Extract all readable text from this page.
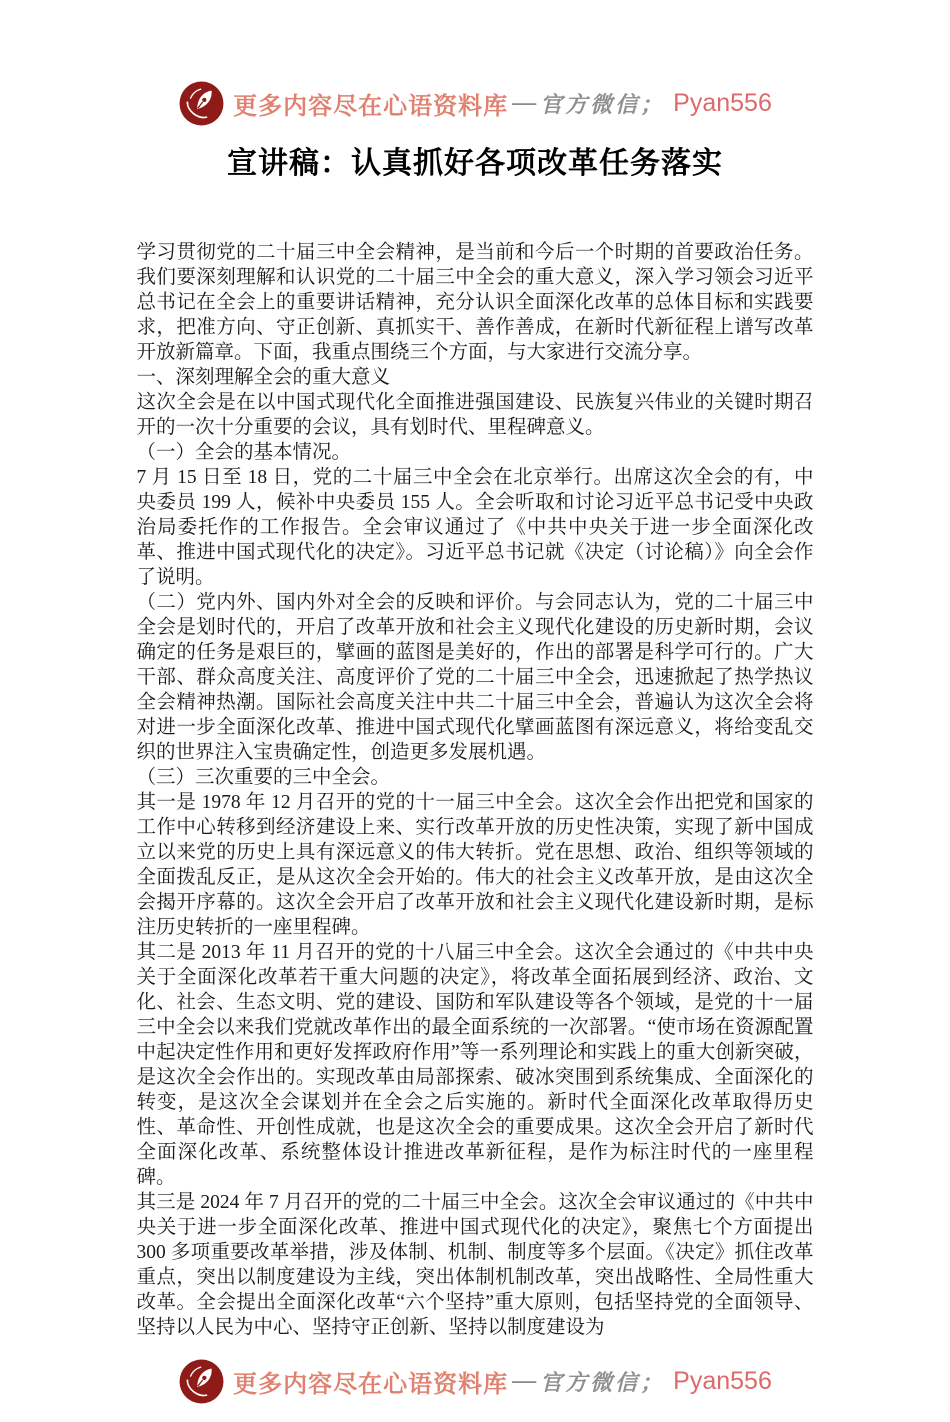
更多内容尽在心语资料库 — 官方微信； Pyan556
宣讲稿：认真抓好各项改革任务落实

学习贯彻党的二十届三中全会精神，是当前和今后一个时期的首要政治任务。我们要深刻理解和认识党的二十届三中全会的重大意义，深入学习领会习近平总书记在全会上的重要讲话精神，充分认识全面深化改革的总体目标和实践要求，把准方向、守正创新、真抓实干、善作善成，在新时代新征程上谱写改革开放新篇章。下面，我重点围绕三个方面，与大家进行交流分享。

一、深刻理解全会的重大意义

这次全会是在以中国式现代化全面推进强国建设、民族复兴伟业的关键时期召开的一次十分重要的会议，具有划时代、里程碑意义。

（一）全会的基本情况。

7 月 15 日至 18 日，党的二十届三中全会在北京举行。出席这次全会的有，中央委员 199 人，候补中央委员 155 人。全会听取和讨论习近平总书记受中央政治局委托作的工作报告。全会审议通过了《中共中央关于进一步全面深化改革、推进中国式现代化的决定》。习近平总书记就《决定（讨论稿）》向全会作了说明。

（二）党内外、国内外对全会的反映和评价。与会同志认为，党的二十届三中全会是划时代的，开启了改革开放和社会主义现代化建设的历史新时期，会议确定的任务是艰巨的，擘画的蓝图是美好的，作出的部署是科学可行的。广大干部、群众高度关注、高度评价了党的二十届三中全会，迅速掀起了热学热议全会精神热潮。国际社会高度关注中共二十届三中全会，普遍认为这次全会将对进一步全面深化改革、推进中国式现代化擘画蓝图有深远意义，将给变乱交织的世界注入宝贵确定性，创造更多发展机遇。

（三）三次重要的三中全会。

其一是 1978 年 12 月召开的党的十一届三中全会。这次全会作出把党和国家的工作中心转移到经济建设上来、实行改革开放的历史性决策，实现了新中国成立以来党的历史上具有深远意义的伟大转折。党在思想、政治、组织等领域的全面拨乱反正，是从这次全会开始的。伟大的社会主义改革开放，是由这次全会揭开序幕的。这次全会开启了改革开放和社会主义现代化建设新时期，是标注历史转折的一座里程碑。

其二是 2013 年 11 月召开的党的十八届三中全会。这次全会通过的《中共中央关于全面深化改革若干重大问题的决定》，将改革全面拓展到经济、政治、文化、社会、生态文明、党的建设、国防和军队建设等各个领域，是党的十一届三中全会以来我们党就改革作出的最全面系统的一次部署。“使市场在资源配置中起决定性作用和更好发挥政府作用”等一系列理论和实践上的重大创新突破，是这次全会作出的。实现改革由局部探索、破冰突围到系统集成、全面深化的转变，是这次全会谋划并在全会之后实施的。新时代全面深化改革取得历史性、革命性、开创性成就，也是这次全会的重要成果。这次全会开启了新时代全面深化改革、系统整体设计推进改革新征程，是作为标注时代的一座里程碑。

其三是 2024 年 7 月召开的党的二十届三中全会。这次全会审议通过的《中共中央关于进一步全面深化改革、推进中国式现代化的决定》，聚焦七个方面提出 300 多项重要改革举措，涉及体制、机制、制度等多个层面。《决定》抓住改革重点，突出以制度建设为主线，突出体制机制改革，突出战略性、全局性重大改革。全会提出全面深化改革“六个坚持”重大原则，包括坚持党的全面领导、坚持以人民为中心、坚持守正创新、坚持以制度建设为

更多内容尽在心语资料库 — 官方微信； Pyan556
